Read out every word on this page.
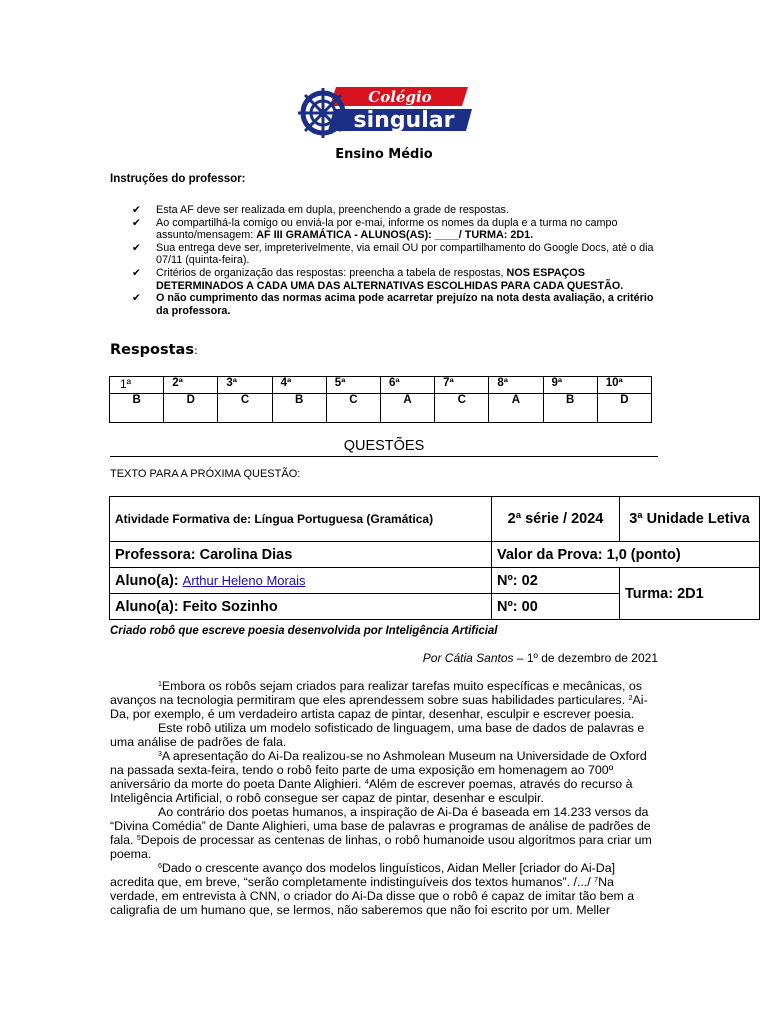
Colégio
singular
Ensino Médio
Instruções do professor:
✔ Esta AF deve ser realizada em dupla, preenchendo a grade de respostas.
✔ Ao compartilhá-la comigo ou enviá-la por e-mai, informe os nomes da dupla e a turma no campo assunto/mensagem: AF III GRAMÁTICA - ALUNOS(AS): ____/ TURMA: 2D1.
✔ Sua entrega deve ser, impreterivelmente, via email OU por compartilhamento do Google Docs, até o dia 07/11 (quinta-feira).
✔ Critérios de organização das respostas: preencha a tabela de respostas, NOS ESPAÇOS DETERMINADOS A CADA UMA DAS ALTERNATIVAS ESCOLHIDAS PARA CADA QUESTÃO.
✔ O não cumprimento das normas acima pode acarretar prejuízo na nota desta avaliação, a critério da professora.
Respostas:
1ª	2ª	3ª	4ª	5ª	6ª	7ª	8ª	9ª	10ª
B	D	C	B	C	A	C	A	B	D
QUESTÕES
TEXTO PARA A PRÓXIMA QUESTÃO:
Atividade Formativa de: Língua Portuguesa (Gramática)	2ª série / 2024	3ª Unidade Letiva
Professora: Carolina Dias	Valor da Prova: 1,0 (ponto)	
Aluno(a): Arthur Heleno Morais	Nº: 02	Turma: 2D1
Aluno(a): Feito Sozinho	Nº: 00	
Criado robô que escreve poesia desenvolvida por Inteligência Artificial
Por Cátia Santos – 1º de dezembro de 2021

$^1$Embora os robôs sejam criados para realizar tarefas muito específicas e mecânicas, os avanços na tecnologia permitiram que eles aprendessem sobre suas habilidades particulares. $^2$Ai-Da, por exemplo, é um verdadeiro artista capaz de pintar, desenhar, esculpir e escrever poesia.

Este robô utiliza um modelo sofisticado de linguagem, uma base de dados de palavras e uma análise de padrões de fala.

$^3$A apresentação do Ai-Da realizou-se no Ashmolean Museum na Universidade de Oxford na passada sexta-feira, tendo o robô feito parte de uma exposição em homenagem ao 700º aniversário da morte do poeta Dante Alighieri. $^4$Além de escrever poemas, através do recurso à Inteligência Artificial, o robô consegue ser capaz de pintar, desenhar e esculpir.

Ao contrário dos poetas humanos, a inspiração de Ai-Da é baseada em 14.233 versos da “Divina Comédia” de Dante Alighieri, uma base de palavras e programas de análise de padrões de fala. $^5$Depois de processar as centenas de linhas, o robô humanoide usou algoritmos para criar um poema.

$^6$Dado o crescente avanço dos modelos linguísticos, Aidan Meller [criador do Ai-Da] acredita que, em breve, “serão completamente indistinguíveis dos textos humanos”. /.../ $^7$Na verdade, em entrevista à CNN, o criador do Ai-Da disse que o robô é capaz de imitar tão bem a caligrafia de um humano que, se lermos, não saberemos que não foi escrito por um. Meller
